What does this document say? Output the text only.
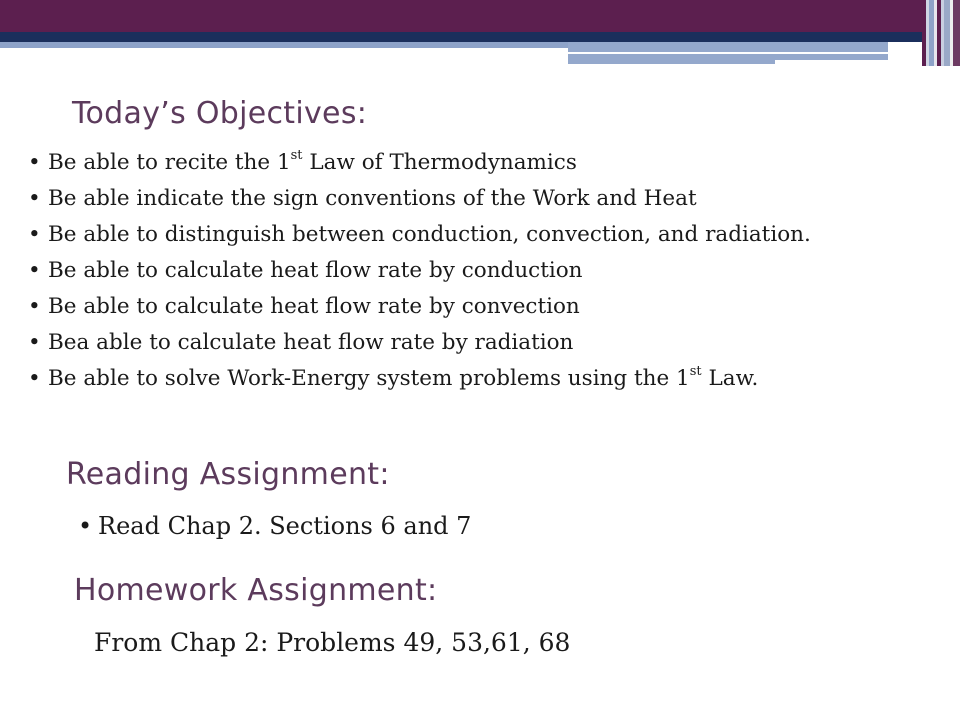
Today’s Objectives:
• Be able to recite the 1st Law of Thermodynamics
• Be able indicate the sign conventions of the Work and Heat
• Be able to distinguish between conduction, convection, and radiation.
• Be able to calculate heat flow rate by conduction
• Be able to calculate heat flow rate by convection
• Bea able to calculate heat flow rate by radiation
• Be able to solve Work-Energy system problems using the 1st Law.
Reading Assignment:
• Read Chap 2. Sections 6 and 7
Homework Assignment:

From Chap 2: Problems 49, 53,61, 68
